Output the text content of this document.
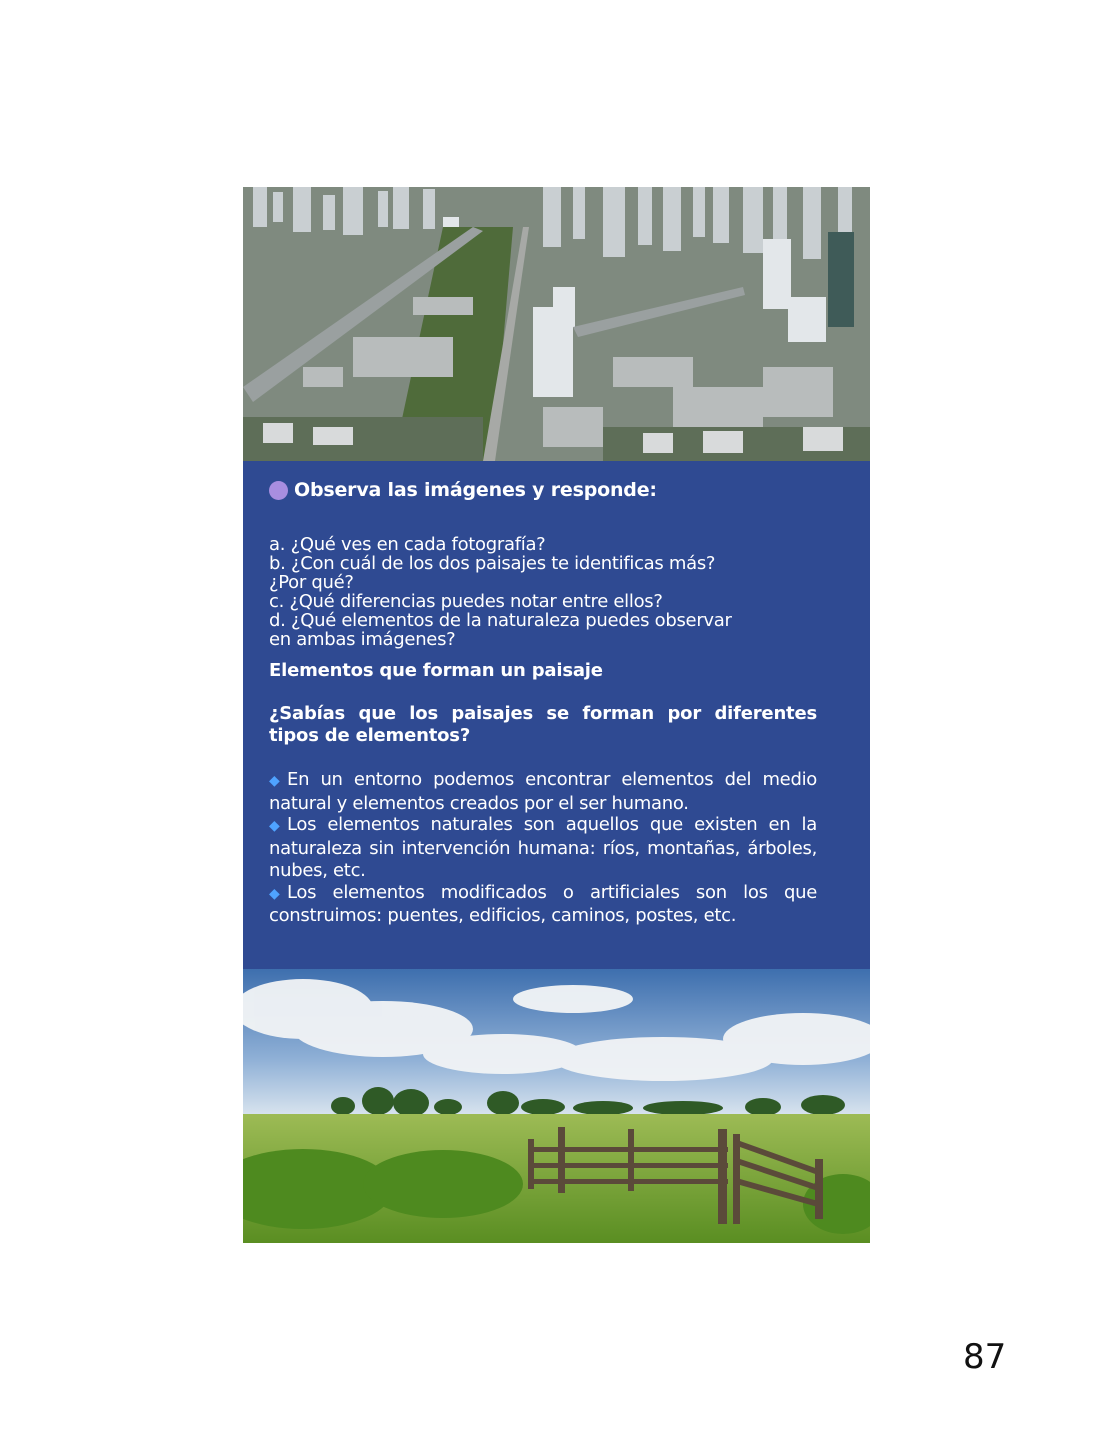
Observa las imágenes y responde:
a. ¿Qué ves en cada fotografía?
b. ¿Con cuál de los dos paisajes te identificas más?
¿Por qué?
c. ¿Qué diferencias puedes notar entre ellos?
d. ¿Qué elementos de la naturaleza puedes observar
en ambas imágenes?
Elementos que forman un paisaje
¿Sabías que los paisajes se forman por diferentes tipos de elementos?
◆ En un entorno podemos encontrar elementos del medio natural y elementos creados por el ser humano.
◆ Los elementos naturales son aquellos que existen en la naturaleza sin intervención humana: ríos, montañas, árboles, nubes, etc.
◆ Los elementos modificados o artificiales son los que construimos: puentes, edificios, caminos, postes, etc.
87
